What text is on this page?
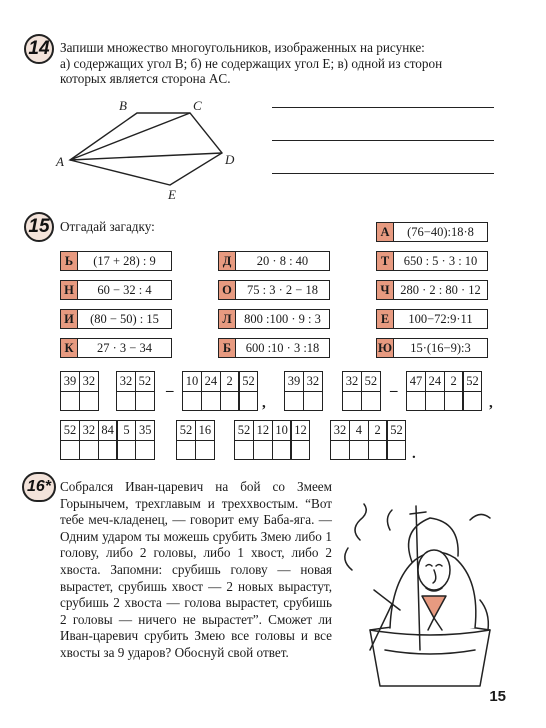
14 Запиши множество многоугольников, изображенных на рисунке:
а) содержащих угол B; б) не содержащих угол E; в) одной из сторон
которых является сторона AC.
A
B	C
D
E
15 Отгадай загадку:	А	(76−40):18·8
Ь	(17 + 28) : 9	Д	20 · 8 : 40	Т	650 : 5 · 3 : 10
Н	60 − 32 : 4	О	75 : 3 · 2 − 18	Ч 280 · 2 : 80 · 12
И	(80 − 50) : 15	Л 800 :100 · 9 : 3	Е	100−72:9·11
К	27 · 3 − 34	Б	600 :10 · 3 :18	Ю	15·(16−9):3
39 32 32 52
–
10 24 2 52
,
39 32 32 52
–
47 24 2 52
,
52 32 84 5 35 52 16 52 12 10 12 32 4	2 52
.
16* Собрался Иван-царевич на бой со Змеем Горынычем, трехглавым и треххвостым. “Вот тебе меч-кладенец, — говорит ему Баба-яга. — Одним ударом ты можешь срубить Змею либо 1 голову, либо 2 головы, либо 1 хвост, либо 2 хвоста. Запомни: срубишь голову — новая вырастет, срубишь хвост — 2 новых вырастут, срубишь 2 хвоста — голова вырастет, срубишь 2 головы — ничего не вырастет”. Сможет ли Иван-царевич срубить Змею все головы и все хвосты за 9 ударов? Обоснуй свой ответ.

15
